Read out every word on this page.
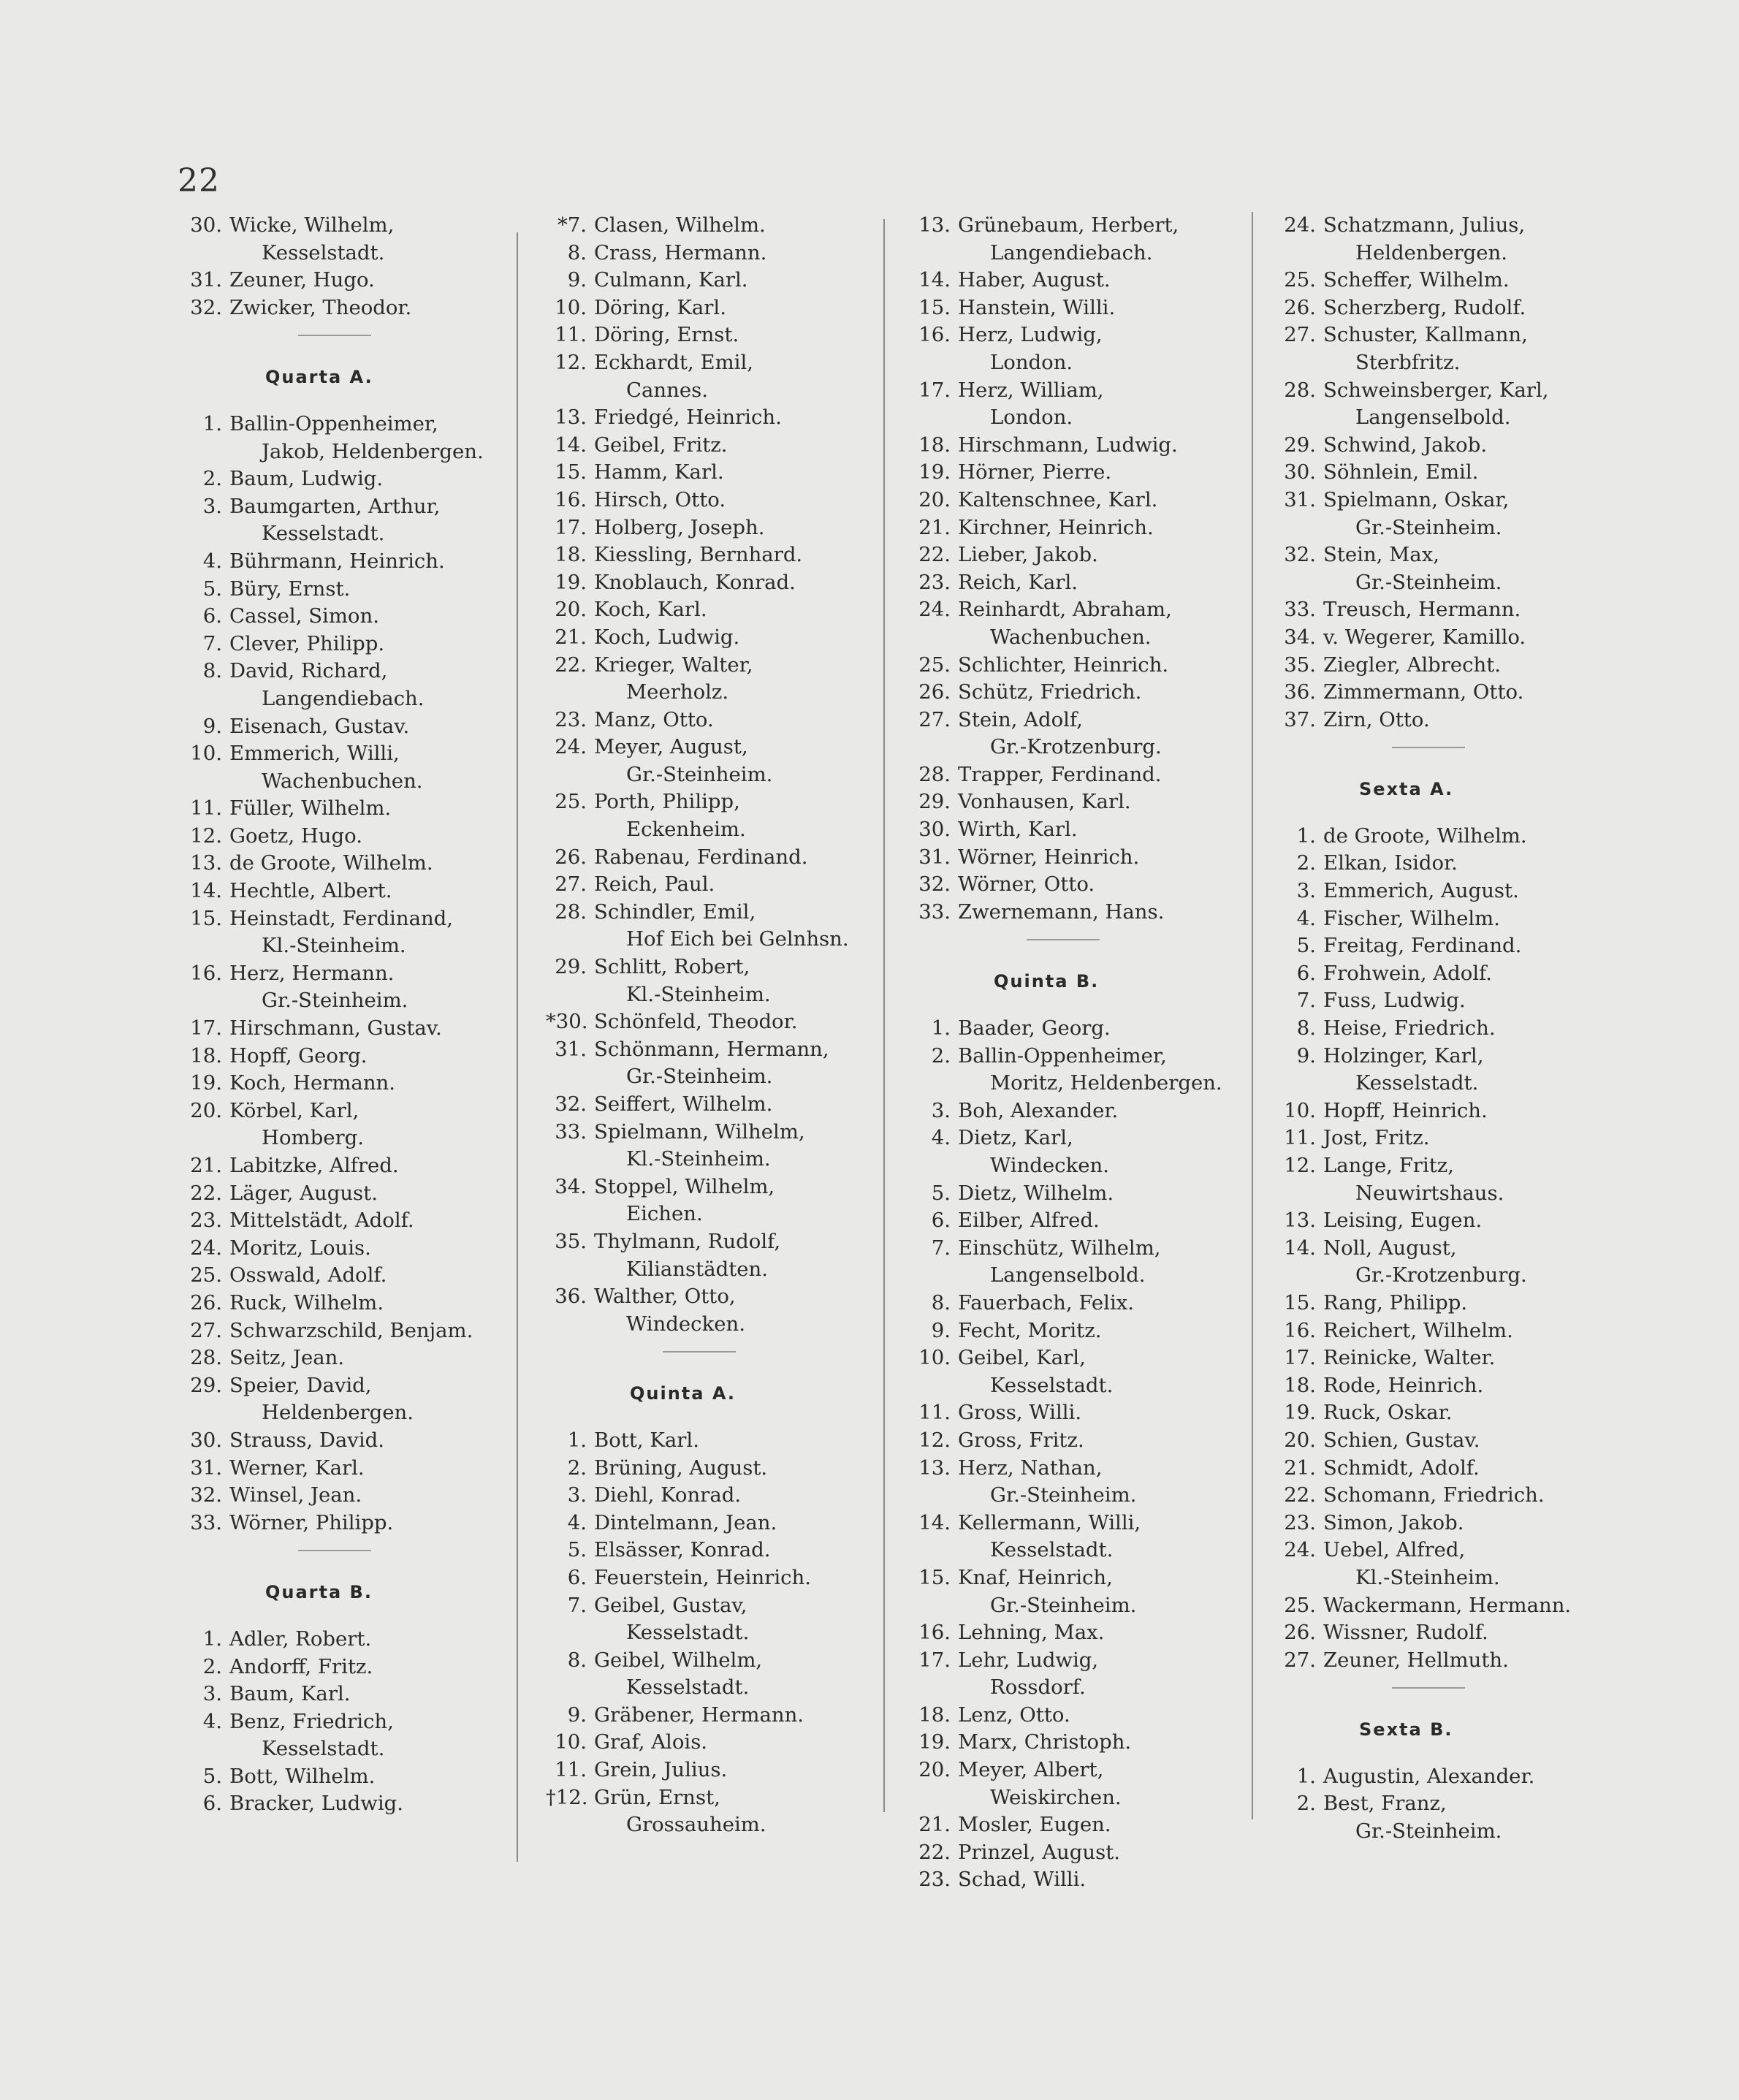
22
30. Wicke, Wilhelm,
Kesselstadt.
31. Zeuner, Hugo.
32. Zwicker, Theodor.
Quarta A.
1. Ballin-Oppenheimer,
Jakob, Heldenbergen.
2. Baum, Ludwig.
3. Baumgarten, Arthur,
Kesselstadt.
4. Bührmann, Heinrich.
5. Büry, Ernst.
6. Cassel, Simon.
7. Clever, Philipp.
8. David, Richard,
Langendiebach.
9. Eisenach, Gustav.
10. Emmerich, Willi,
Wachenbuchen.
11. Füller, Wilhelm.
12. Goetz, Hugo.
13. de Groote, Wilhelm.
14. Hechtle, Albert.
15. Heinstadt, Ferdinand,
Kl.-Steinheim.
16. Herz, Hermann.
Gr.-Steinheim.
17. Hirschmann, Gustav.
18. Hopff, Georg.
19. Koch, Hermann.
20. Körbel, Karl,
Homberg.
21. Labitzke, Alfred.
22. Läger, August.
23. Mittelstädt, Adolf.
24. Moritz, Louis.
25. Osswald, Adolf.
26. Ruck, Wilhelm.
27. Schwarzschild, Benjam.
28. Seitz, Jean.
29. Speier, David,
Heldenbergen.
30. Strauss, David.
31. Werner, Karl.
32. Winsel, Jean.
33. Wörner, Philipp.
Quarta B.
1. Adler, Robert.
2. Andorff, Fritz.
3. Baum, Karl.
4. Benz, Friedrich,
Kesselstadt.
5. Bott, Wilhelm.
6. Bracker, Ludwig.
*7. Clasen, Wilhelm.
8. Crass, Hermann.
9. Culmann, Karl.
10. Döring, Karl.
11. Döring, Ernst.
12. Eckhardt, Emil,
Cannes.
13. Friedgé, Heinrich.
14. Geibel, Fritz.
15. Hamm, Karl.
16. Hirsch, Otto.
17. Holberg, Joseph.
18. Kiessling, Bernhard.
19. Knoblauch, Konrad.
20. Koch, Karl.
21. Koch, Ludwig.
22. Krieger, Walter,
Meerholz.
23. Manz, Otto.
24. Meyer, August,
Gr.-Steinheim.
25. Porth, Philipp,
Eckenheim.
26. Rabenau, Ferdinand.
27. Reich, Paul.
28. Schindler, Emil,
Hof Eich bei Gelnhsn.
29. Schlitt, Robert,
Kl.-Steinheim.
*30. Schönfeld, Theodor.
31. Schönmann, Hermann,
Gr.-Steinheim.
32. Seiffert, Wilhelm.
33. Spielmann, Wilhelm,
Kl.-Steinheim.
34. Stoppel, Wilhelm,
Eichen.
35. Thylmann, Rudolf,
Kilianstädten.
36. Walther, Otto,
Windecken.
Quinta A.
1. Bott, Karl.
2. Brüning, August.
3. Diehl, Konrad.
4. Dintelmann, Jean.
5. Elsässer, Konrad.
6. Feuerstein, Heinrich.
7. Geibel, Gustav,
Kesselstadt.
8. Geibel, Wilhelm,
Kesselstadt.
9. Gräbener, Hermann.
10. Graf, Alois.
11. Grein, Julius.
†12. Grün, Ernst,
Grossauheim.
13. Grünebaum, Herbert,
Langendiebach.
14. Haber, August.
15. Hanstein, Willi.
16. Herz, Ludwig,
London.
17. Herz, William,
London.
18. Hirschmann, Ludwig.
19. Hörner, Pierre.
20. Kaltenschnee, Karl.
21. Kirchner, Heinrich.
22. Lieber, Jakob.
23. Reich, Karl.
24. Reinhardt, Abraham,
Wachenbuchen.
25. Schlichter, Heinrich.
26. Schütz, Friedrich.
27. Stein, Adolf,
Gr.-Krotzenburg.
28. Trapper, Ferdinand.
29. Vonhausen, Karl.
30. Wirth, Karl.
31. Wörner, Heinrich.
32. Wörner, Otto.
33. Zwernemann, Hans.
Quinta B.
1. Baader, Georg.
2. Ballin-Oppenheimer,
Moritz, Heldenbergen.
3. Boh, Alexander.
4. Dietz, Karl,
Windecken.
5. Dietz, Wilhelm.
6. Eilber, Alfred.
7. Einschütz, Wilhelm,
Langenselbold.
8. Fauerbach, Felix.
9. Fecht, Moritz.
10. Geibel, Karl,
Kesselstadt.
11. Gross, Willi.
12. Gross, Fritz.
13. Herz, Nathan,
Gr.-Steinheim.
14. Kellermann, Willi,
Kesselstadt.
15. Knaf, Heinrich,
Gr.-Steinheim.
16. Lehning, Max.
17. Lehr, Ludwig,
Rossdorf.
18. Lenz, Otto.
19. Marx, Christoph.
20. Meyer, Albert,
Weiskirchen.
21. Mosler, Eugen.
22. Prinzel, August.
23. Schad, Willi.
24. Schatzmann, Julius,
Heldenbergen.
25. Scheffer, Wilhelm.
26. Scherzberg, Rudolf.
27. Schuster, Kallmann,
Sterbfritz.
28. Schweinsberger, Karl,
Langenselbold.
29. Schwind, Jakob.
30. Söhnlein, Emil.
31. Spielmann, Oskar,
Gr.-Steinheim.
32. Stein, Max,
Gr.-Steinheim.
33. Treusch, Hermann.
34. v. Wegerer, Kamillo.
35. Ziegler, Albrecht.
36. Zimmermann, Otto.
37. Zirn, Otto.
Sexta A.
1. de Groote, Wilhelm.
2. Elkan, Isidor.
3. Emmerich, August.
4. Fischer, Wilhelm.
5. Freitag, Ferdinand.
6. Frohwein, Adolf.
7. Fuss, Ludwig.
8. Heise, Friedrich.
9. Holzinger, Karl,
Kesselstadt.
10. Hopff, Heinrich.
11. Jost, Fritz.
12. Lange, Fritz,
Neuwirtshaus.
13. Leising, Eugen.
14. Noll, August,
Gr.-Krotzenburg.
15. Rang, Philipp.
16. Reichert, Wilhelm.
17. Reinicke, Walter.
18. Rode, Heinrich.
19. Ruck, Oskar.
20. Schien, Gustav.
21. Schmidt, Adolf.
22. Schomann, Friedrich.
23. Simon, Jakob.
24. Uebel, Alfred,
Kl.-Steinheim.
25. Wackermann, Hermann.
26. Wissner, Rudolf.
27. Zeuner, Hellmuth.
Sexta B.
1. Augustin, Alexander.
2. Best, Franz,
Gr.-Steinheim.
